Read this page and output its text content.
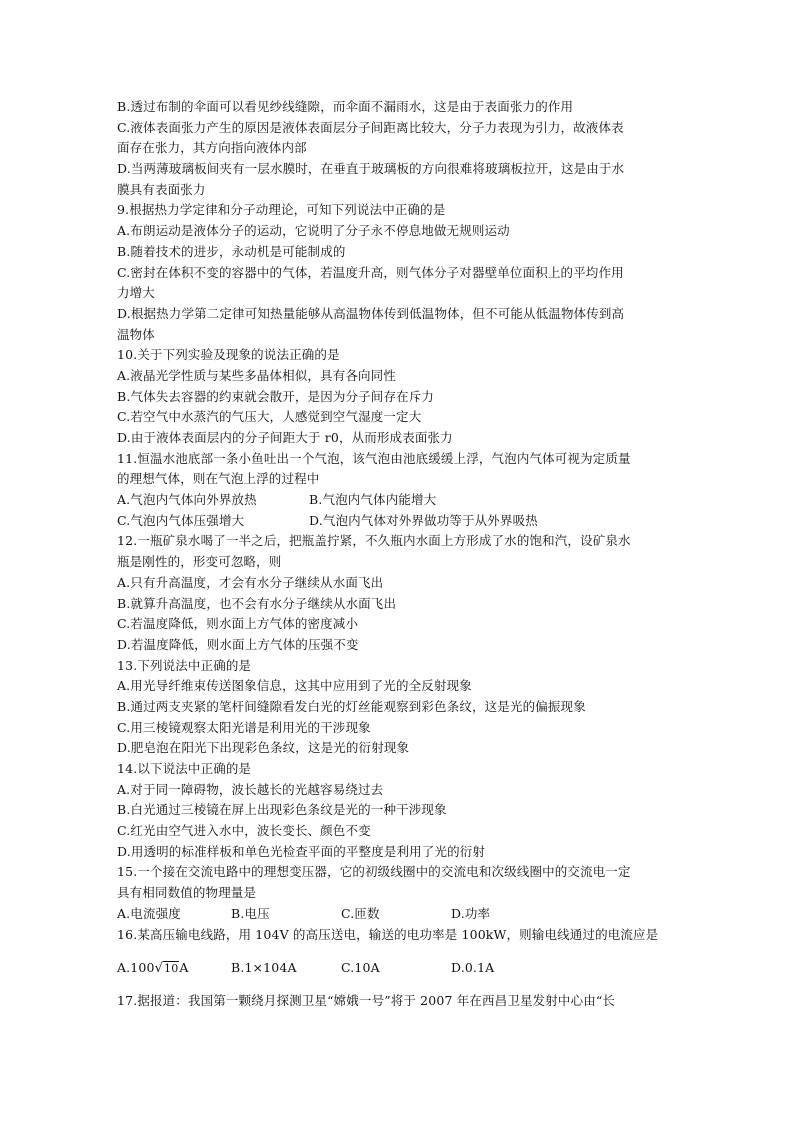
B.透过布制的伞面可以看见纱线缝隙，而伞面不漏雨水，这是由于表面张力的作用
C.液体表面张力产生的原因是液体表面层分子间距离比较大，分子力表现为引力，故液体表
面存在张力，其方向指向液体内部
D.当两薄玻璃板间夹有一层水膜时，在垂直于玻璃板的方向很难将玻璃板拉开，这是由于水
膜具有表面张力
9.根据热力学定律和分子动理论，可知下列说法中正确的是
A.布朗运动是液体分子的运动，它说明了分子永不停息地做无规则运动
B.随着技术的进步，永动机是可能制成的
C.密封在体积不变的容器中的气体，若温度升高，则气体分子对器壁单位面积上的平均作用
力增大
D.根据热力学第二定律可知热量能够从高温物体传到低温物体，但不可能从低温物体传到高
温物体
10.关于下列实验及现象的说法正确的是
A.液晶光学性质与某些多晶体相似，具有各向同性
B.气体失去容器的约束就会散开，是因为分子间存在斥力
C.若空气中水蒸汽的气压大，人感觉到空气湿度一定大
D.由于液体表面层内的分子间距大于 r0，从而形成表面张力
11.恒温水池底部一条小鱼吐出一个气泡，该气泡由池底缓缓上浮，气泡内气体可视为定质量
的理想气体，则在气泡上浮的过程中
A.气泡内气体向外界放热	B.气泡内气体内能增大
C.气泡内气体压强增大	D.气泡内气体对外界做功等于从外界吸热
12.一瓶矿泉水喝了一半之后，把瓶盖拧紧，不久瓶内水面上方形成了水的饱和汽，设矿泉水
瓶是刚性的，形变可忽略，则
A.只有升高温度，才会有水分子继续从水面飞出
B.就算升高温度，也不会有水分子继续从水面飞出
C.若温度降低，则水面上方气体的密度减小
D.若温度降低，则水面上方气体的压强不变
13.下列说法中正确的是
A.用光导纤维束传送图象信息，这其中应用到了光的全反射现象
B.通过两支夹紧的笔杆间缝隙看发白光的灯丝能观察到彩色条纹，这是光的偏振现象
C.用三棱镜观察太阳光谱是利用光的干涉现象
D.肥皂泡在阳光下出现彩色条纹，这是光的衍射现象
14.以下说法中正确的是
A.对于同一障碍物，波长越长的光越容易绕过去
B.白光通过三棱镜在屏上出现彩色条纹是光的一种干涉现象
C.红光由空气进入水中，波长变长、颜色不变
D.用透明的标准样板和单色光检查平面的平整度是利用了光的衍射
15.一个接在交流电路中的理想变压器，它的初级线圈中的交流电和次级线圈中的交流电一定
具有相同数值的物理量是
A.电流强度	B.电压	C.匝数	D.功率
16.某高压输电线路，用 104V 的高压送电，输送的电功率是 100kW，则输电线通过的电流应是
A.100√10A	B.1×104A	C.10A	D.0.1A
17.据报道：我国第一颗绕月探测卫星“嫦娥一号”将于 2007 年在西昌卫星发射中心由“长
